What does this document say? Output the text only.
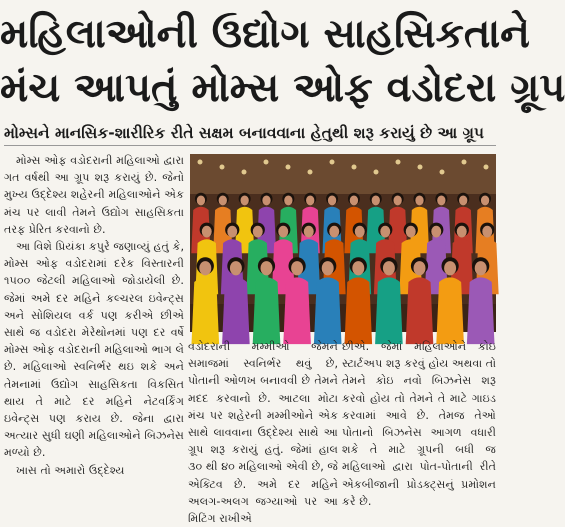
મહિલાઓની ઉદ્યોગ સાહસિકતાને
મંચ આપતું મોમ્સ ઓફ વડોદરા ગ્રૂપ
મોમ્સને માનસિક-શારીરિક રીતે સક્ષમ બનાવવાના હેતુથી શરૂ કરાયું છે આ ગ્રૂપ

મોમ્સ ઓફ વડોદરાની મહિલાઓ દ્વારા ગત વર્ષથી આ ગ્રૂપ શરૂ કરાયું છે. જેનો મુખ્ય ઉદ્દેશ્ય શહેરની મહિલાઓને એક મંચ પર લાવી તેમને ઉદ્યોગ સાહસિકતા તરફ પ્રેરિત કરવાનો છે.

આ વિશે પ્રિયંકા કપુરે જણાવ્યું હતું કે, મોમ્સ ઓફ વડોદરામાં દરેક વિસ્તારની ૧૫૦૦ જેટલી મહિલાઓ જોડાયેલી છે. જેમાં અમે દર મહિને કલ્ચરલ ઇવેન્ટ્સ અને સોશિયલ વર્ક પણ કરીએ છીએ સાથે જ વડોદરા મેરેથોનમાં પણ દર વર્ષે મોમ્સ ઓફ વડોદરાની મહિલાઓ ભાગ લે છે. મહિલાઓ સ્વનિર્ભર થઇ શકે અને તેમનામાં ઉદ્યોગ સાહસિકતા વિકસિત થાય તે માટે દર મહિને નેટવર્કિંગ ઇવેન્ટ્સ પણ કરાય છે. જેના દ્વારા અત્યાર સુધી ઘણી મહિલાઓને બિઝનેસ મળ્યો છે.

ખાસ તો અમારો ઉદ્દેશ્ય

વડોદરાની મમ્મીઓ જેમને સમાજમાં સ્વનિર્ભર થવું છે, પોતાની ઓળખ બનાવવી છે તેમને મદદ કરવાનો છે. આટલા મોટા મંચ પર શહેરની મમ્મીઓને એક સાથે લાવવાના ઉદ્દેશ્ય સાથે આ ગ્રૂપ શરૂ કરાયું હતું. જેમાં હાલ ૩૦ થી ૪૦ મહિલાઓ એવી છે, જે એક્ટિવ છે. અમે દર મહિને અલગ-અલગ જગ્યાઓ પર આ મિટિંગ રાખીએ

છીએ. જેમાં મહિલાઓને કોઇ સ્ટાર્ટઅપ શરૂ કરવું હોય અથવા તો તેમને કોઇ નવો બિઝનેસ શરૂ કરવો હોય તો તેમને તે માટે ગાઇડ કરવામાં આવે છે. તેમજ તેઓ પોતાનો બિઝનેસ આગળ વધારી શકે તે માટે ગ્રૂપની બધી જ મહિલાઓ દ્વારા પોત-પોતાની રીતે એકબીજાની પ્રોડક્ટ્સનું પ્રમોશન કરે છે.
